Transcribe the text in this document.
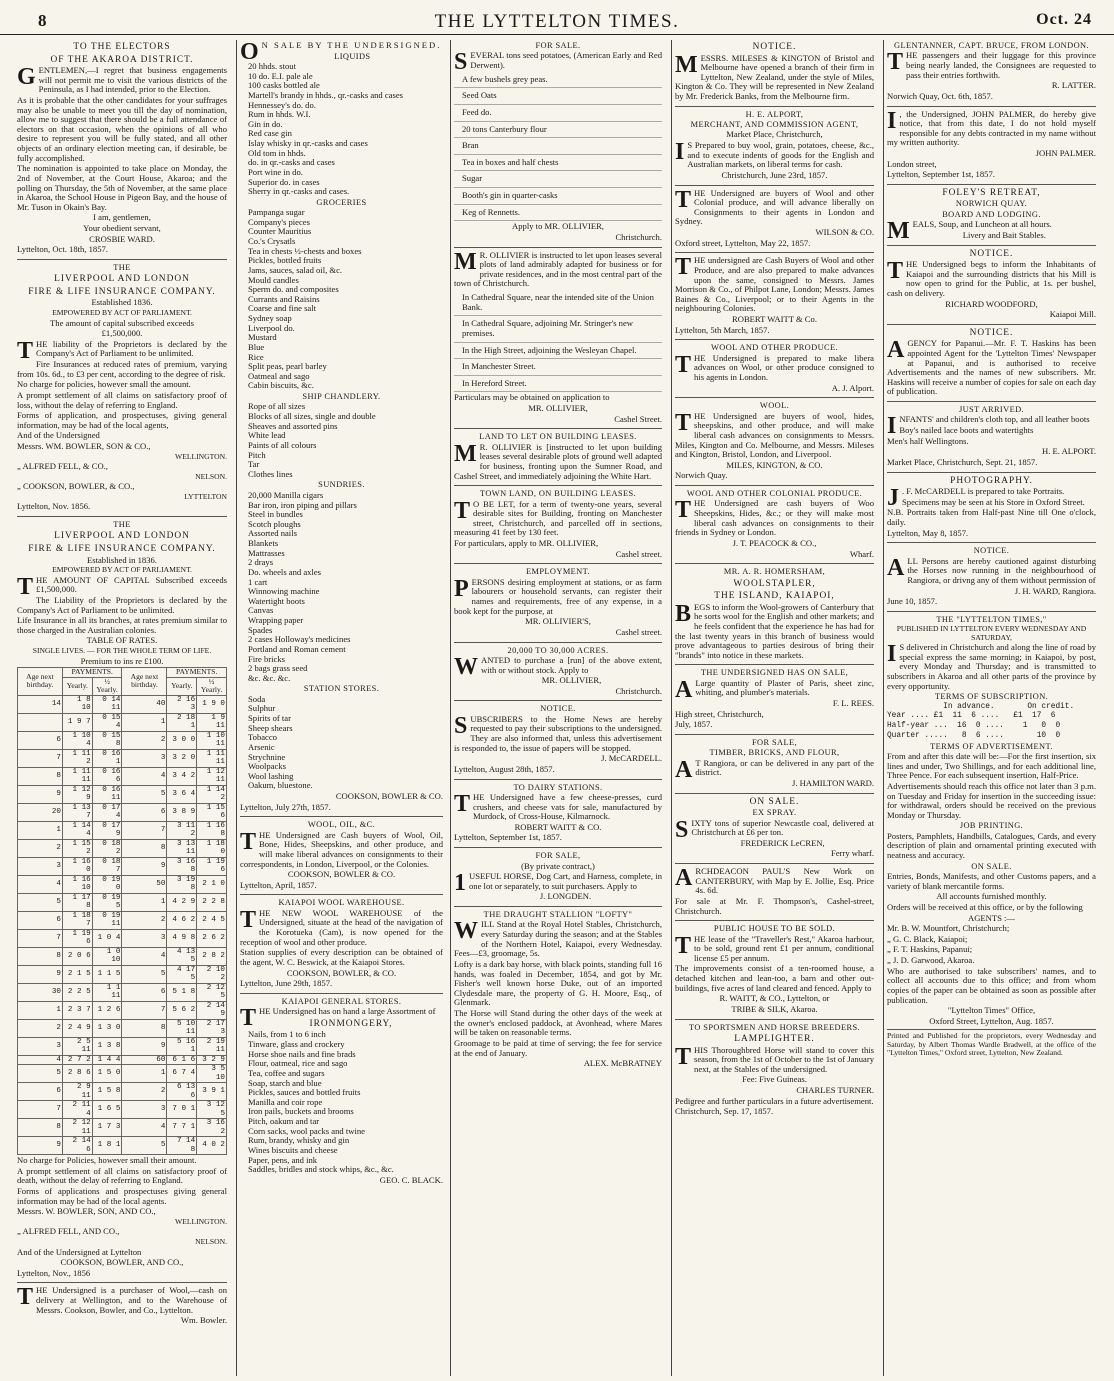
8	THE LYTTELTON TIMES.	Oct. 24
TO THE ELECTORS
OF THE AKAROA DISTRICT.

GENTLEMEN,—I regret that business engagements will not permit me to visit the various districts of the Peninsula, as I had intended, prior to the Election.

As it is probable that the other candidates for your suffrages may also be unable to meet you till the day of nomination, allow me to suggest that there should be a full attendance of electors on that occasion, when the opinions of all who desire to represent you will be fully stated, and all other objects of an ordinary election meeting can, if desirable, be fully accomplished.

The nomination is appointed to take place on Monday, the 2nd of November, at the Court House, Akaroa; and the polling on Thursday, the 5th of November, at the same place in Akaroa, the School House in Pigeon Bay, and the house of Mr. Tuson in Okain's Bay.

I am, gentlemen,

Your obedient servant,

CROSBIE WARD.

Lyttelton, Oct. 18th, 1857.

THE
LIVERPOOL AND LONDON
FIRE & LIFE INSURANCE COMPANY.

Established 1836.

EMPOWERED BY ACT OF PARLIAMENT.

The amount of capital subscribed exceeds

£1,500,000.

THE liability of the Proprietors is declared by the Company's Act of Parliament to be unlimited.

Fire Insurances at reduced rates of premium, varying from 10s. 6d., to £3 per cent, according to the degree of risk.

No charge for policies, however small the amount.

A prompt settlement of all claims on satisfactory proof of loss, without the delay of referring to England.

Forms of application, and prospectuses, giving general information, may be had of the local agents,

And of the Undersigned

Messrs. WM. BOWLER, SON & CO.,

WELLINGTON.

„ ALFRED FELL, & CO.,

NELSON.

„ COOKSON, BOWLER, & CO.,

LYTTELTON

Lyttelton, Nov. 1856.

THE
LIVERPOOL AND LONDON
FIRE & LIFE INSURANCE COMPANY.

Established in 1836.

EMPOWERED BY ACT OF PARLIAMENT.

THE AMOUNT OF CAPITAL Subscribed exceeds £1,500,000.

The Liability of the Proprietors is declared by the Company's Act of Parliament to be unlimited.

Life Insurance in all its branches, at rates premium similar to those charged in the Australian colonies.

TABLE OF RATES.

SINGLE LIVES. — FOR THE WHOLE TERM OF LIFE.

Premium to ins re £100.

Age next birthday.	PAYMENTS.		Age next birthday.	PAYMENTS.	
	Yearly.	½ Yearly.		Yearly.	½ Yearly.
14	1 8 10	0 14 11	40	2 16 3	1 9 0
	1 9 7	0 15 4	1	2 18 1	1 9 11
6	1 10 4	0 15 8	2	3 0 0	1 10 11
7	1 11 2	0 16 1	3	3 2 0	1 11 11
8	1 11 11	0 16 6	4	3 4 2	1 12 11
9	1 12 9	0 16 11	5	3 6 4	1 14 2
20	1 13 7	0 17 4	6	3 8 9	1 15 6
1	1 14 4	0 17 9	7	3 11 2	1 16 8
2	1 15 2	0 18 2	8	3 13 11	1 18 0
3	1 16 0	0 18 7	9	3 16 8	1 19 6
4	1 16 10	0 19 0	50	3 19 8	2 1 0
5	1 17 8	0 19 5	1	4 2 9	2 2 8
6	1 18 7	0 19 11	2	4 6 2	2 4 5
7	1 19 6	1 0 4	3	4 9 8	2 6 2
8	2 0 6	1 0 10	4	4 13 5	2 8 2
9	2 1 5	1 1 5	5	4 17 5	2 10 2
30	2 2 5	1 1 11	6	5 1 8	2 12 5
1	2 3 7	1 2 6	7	5 6 2	2 14 9
2	2 4 9	1 3 0	8	5 10 11	2 17 3
3	2 5 11	1 3 8	9	5 16 1	2 19 11
4	2 7 2	1 4 4	60	6 1 6	3 2 9
5	2 8 6	1 5 0	1	6 7 4	3 5 10
6	2 9 11	1 5 8	2	6 13 6	3 9 1
7	2 11 4	1 6 5	3	7 0 1	3 12 5
8	2 12 11	1 7 3	4	7 7 1	3 16 2
9	2 14 6	1 8 1	5	7 14 8	4 0 2

No charge for Policies, however small their amount.

A prompt settlement of all claims on satisfactory proof of death, without the delay of referring to England.

Forms of applications and prospectuses giving general information may be had of the local agents.

Messrs. W. BOWLER, SON, AND CO.,

WELLINGTON.

„ ALFRED FELL, AND CO.,

NELSON.

And of the Undersigned at Lyttelton

COOKSON, BOWLER, AND CO.,

Lyttelton, Nov., 1856

THE Undersigned is a purchaser of Wool,—cash on delivery at Wellington, and to the Warehouse of Messrs. Cookson, Bowler, and Co., Lyttelton.

Wm. Bowler.

O N SALE BY THE UNDERSIGNED.

LIQUIDS
20 hhds. stout
10 do. E.I. pale ale
100 casks bottled ale
Martell's brandy in hhds., qr.-casks and cases
Hennessey's do. do.
Rum in hhds. W.I.
Gin in do.
Red case gin
Islay whisky in qr.-casks and cases
Old tom in hhds.
do. in qr.-casks and cases
Port wine in do.
Superior do. in cases
Sherry in qr.-casks and cases.
GROCERIES
Pampanga sugar
Company's pieces
Counter Mauritius
Co.'s Crysatls
Tea in chests ½-chests and boxes
Pickles, bottled fruits
Jams, sauces, salad oil, &c.
Mould candles
Sperm do. and composites
Currants and Raisins
Coarse and fine salt
Sydney soap
Liverpool do.
Mustard
Blue
Rice
Split peas, pearl barley
Oatmeal and sago
Cabin biscuits, &c.
SHIP CHANDLERY.
Rope of all sizes
Blocks of all sizes, single and double
Sheaves and assorted pins
White lead
Paints of all colours
Pitch
Tar
Clothes lines
SUNDRIES.
20,000 Manilla cigars
Bar iron, iron piping and pillars
Steel in bundles
Scotch ploughs
Assorted nails
Blankets
Mattrasses
2 drays
Do. wheels and axles
1 cart
Winnowing machine
Watertight boots
Canvas
Wrapping paper
Spades
2 cases Holloway's medicines
Portland and Roman cement
Fire bricks
2 bags grass seed
&c. &c. &c.
STATION STORES.
Soda
Sulphur
Spirits of tar
Sheep shears
Tobacco
Arsenic
Strychnine
Woolpacks
Wool lashing
Oakum, bluestone.

COOKSON, BOWLER & CO.

Lyttelton, July 27th, 1857.

WOOL, OIL, &C.

THE Undersigned are Cash buyers of Wool, Oil, Bone, Hides, Sheepskins, and other produce, and will make liberal advances on consignments to their correspondents, in London, Liverpool, or the Colonies.

COOKSON, BOWLER & CO.

Lyttelton, April, 1857.

KAIAPOI WOOL WAREHOUSE.

THE NEW WOOL WAREHOUSE of the Undersigned, situate at the head of the navigation of the Korotueka (Cam), is now opened for the reception of wool and other produce.

Station supplies of every description can be obtained of the agent, W. C. Beswick, at the Kaiapoi Stores.

COOKSON, BOWLER, & CO.

Lyttelton, June 29th, 1857.

KAIAPOI GENERAL STORES.

THE Undersigned has on hand a large Assortment of

IRONMONGERY,
Nails, from 1 to 6 inch
Tinware, glass and crockery
Horse shoe nails and fine brads
Flour, oatmeal, rice and sago
Tea, coffee and sugars
Soap, starch and blue
Pickles, sauces and bottled fruits
Manilla and coir rope
Iron pails, buckets and brooms
Pitch, oakum and tar
Corn sacks, wool packs and twine
Rum, brandy, whisky and gin
Wines biscuits and cheese
Paper, pens, and ink
Saddles, bridles and stock whips, &c., &c.

GEO. C. BLACK.

FOR SALE.

SEVERAL tons seed potatoes, (American Early and Red Derwent).

A few bushels grey peas.
Seed Oats
Feed do.
20 tons Canterbury flour
Bran
Tea in boxes and half chests
Sugar
Booth's gin in quarter-casks
Keg of Rennetts.

Apply to MR. OLLIVIER,

Christchurch.

M R. OLLIVIER is instructed to let upon leases several plots of land admirably adapted for business or for private residences, and in the most central part of the town of Christchurch.

In Cathedral Square, near the intended site of the Union Bank.
In Cathedral Square, adjoining Mr. Stringer's new premises.
In the High Street, adjoining the Wesleyan Chapel.
In Manchester Street.
In Hereford Street.

Particulars may be obtained on application to

MR. OLLIVIER,

Cashel Street.

LAND TO LET ON BUILDING LEASES.

M R. OLLIVIER is [instructed to let upon building leases several desirable plots of ground well adapted for business, fronting upon the Sumner Road, and Cashel Street, and immediately adjoining the White Hart.

TOWN LAND, ON BUILDING LEASES.

T O BE LET, for a term of twenty-one years, several desirable sites for Building, fronting on Manchester street, Christchurch, and parcelled off in sections, measuring 41 feet by 130 feet.

For particulars, apply to MR. OLLIVIER,

Cashel street.

EMPLOYMENT.

PERSONS desiring employment at stations, or as farm labourers or household servants, can register their names and requirements, free of any expense, in a book kept for the purpose, at

MR. OLLIVIER'S,

Cashel street.

20,000 TO 30,000 ACRES.

WANTED to purchase a [run] of the above extent, with or without stock. Apply to

MR. OLLIVIER,

Christchurch.

NOTICE.

SUBSCRIBERS to the Home News are hereby requested to pay their subscriptions to the undersigned. They are also informed that, unless this advertisement is responded to, the issue of papers will be stopped.

J. McCARDELL.

Lyttelton, August 28th, 1857.

TO DAIRY STATIONS.

THE Undersigned have a few cheese-presses, curd crushers, and cheese vats for sale, manufactured by Murdock, of Cross-House, Kilmarnock.

ROBERT WAITT & CO.

Lyttelton, September 1st, 1857.

FOR SALE,

(By private contract,)

1 USEFUL HORSE, Dog Cart, and Harness, complete, in one lot or separately, to suit purchasers. Apply to

J. LONGDEN.

THE DRAUGHT STALLION "LOFTY"

WILL Stand at the Royal Hotel Stables, Christchurch, every Saturday during the season; and at the Stables of the Northern Hotel, Kaiapoi, every Wednesday. Fees—£3, groomage, 5s.

Lofty is a dark bay horse, with black points, standing full 16 hands, was foaled in December, 1854, and got by Mr. Fisher's well known horse Duke, out of an imported Clydesdale mare, the property of G. H. Moore, Esq., of Glenmark.

The Horse will Stand during the other days of the week at the owner's enclosed paddock, at Avonhead, where Mares will be taken on reasonable terms.

Groomage to be paid at time of serving; the fee for service at the end of January.

ALEX. McBRATNEY

NOTICE.

MESSRS. MILESES & KINGTON of Bristol and Melbourne have opened a branch of their firm in Lyttelton, New Zealand, under the style of Miles, Kington & Co. They will be represented in New Zealand by Mr. Frederick Banks, from the Melbourne firm.

H. E. ALPORT,
MERCHANT, AND COMMISSION AGENT,

Market Place, Christchurch,

I S Prepared to buy wool, grain, potatoes, cheese, &c., and to execute indents of goods for the English and Australian markets, on liberal terms for cash.

Christchurch, June 23rd, 1857.

THE Undersigned are buyers of Wool and other Colonial produce, and will advance liberally on Consignments to their agents in London and Sydney.

WILSON & CO.

Oxford street, Lyttelton, May 22, 1857.

THE undersigned are Cash Buyers of Wool and other Produce, and are also prepared to make advances upon the same, consigned to Messrs. James Morrison & Co., of Philpot Lane, London; Messrs. James Baines & Co., Liverpool; or to their Agents in the neighbouring Colonies.

ROBERT WAITT & Co.

Lyttelton, 5th March, 1857.

WOOL AND OTHER PRODUCE.

THE Undersigned is prepared to make libera advances on Wool, or other produce consigned to his agents in London.

A. J. Alport.

WOOL.

THE Undersigned are buyers of wool, hides, sheepskins, and other produce, and will make liberal cash advances on consignments to Messrs. Miles, Kington and Co. Melbourne, and Messrs. Mileses and Kington, Bristol, London, and Liverpool.

MILES, KINGTON, & CO.

Norwich Quay.

WOOL AND OTHER COLONIAL PRODUCE.

THE Undersigned are cash buyers of Woo Sheepskins, Hides, &c.; or they will make most liberal cash advances on consignments to their friends in Sydney or London.

J. T. PEACOCK & CO.,

Wharf.

MR. A. R. HOMERSHAM,
WOOLSTAPLER,
THE ISLAND, KAIAPOI,

BEGS to inform the Wool-growers of Canterbury that he sorts wool for the English and other markets; and he feels confident that the experience he has had for the last twenty years in this branch of business would prove advantageous to parties desirous of bring their "brands" into notice in these markets.

THE UNDERSIGNED HAS ON SALE,

A Large quantity of Plaster of Paris, sheet zinc, whiting, and plumber's materials.

F. L. REES.

High street, Christchurch,

July, 1857.

FOR SALE,
TIMBER, BRICKS, AND FLOUR,

A T Rangiora, or can be delivered in any part of the district.

J. HAMILTON WARD.

ON SALE.
EX SPRAY.

SIXTY tons of superior Newcastle coal, delivered at Christchurch at £6 per ton.

FREDERICK LeCREN,

Ferry wharf.

ARCHDEACON PAUL'S New Work on CANTERBURY, with Map by E. Jollie, Esq. Price 4s. 6d.

For sale at Mr. F. Thompson's, Cashel-street, Christchurch.

PUBLIC HOUSE TO BE SOLD.

THE lease of the "Traveller's Rest," Akaroa harbour, to be sold, ground rent £1 per annum, conditional license £5 per annum.

The improvements consist of a ten-roomed house, a detached kitchen and lean-too, a barn and other out-buildings, five acres of land cleared and fenced. Apply to

R. WAITT, & CO., Lyttelton, or

TRIBE & SILK, Akaroa.

TO SPORTSMEN AND HORSE BREEDERS.
LAMPLIGHTER.

THIS Thoroughbred Horse will stand to cover this season, from the 1st of October to the 1st of January next, at the Stables of the undersigned.

Fee: Five Guineas.

CHARLES TURNER.

Pedigree and further particulars in a future advertisement.

Christchurch, Sep. 17, 1857.

GLENTANNER, CAPT. BRUCE, FROM LONDON.

THE passengers and their luggage for this province being nearly landed, the Consignees are requested to pass their entries forthwith.

R. LATTER.

Norwich Quay, Oct. 6th, 1857.

I , the Undersigned, JOHN PALMER, do hereby give notice, that from this date, I do not hold myself responsible for any debts contracted in my name without my written authority.

JOHN PALMER.

London street,

Lyttelton, September 1st, 1857.

FOLEY'S RETREAT,
NORWICH QUAY.
BOARD AND LODGING.

MEALS, Soup, and Luncheon at all hours.

Livery and Bait Stables.

NOTICE.

THE Undersigned begs to inform the Inhabitants of Kaiapoi and the surrounding districts that his Mill is now open to grind for the Public, at 1s. per bushel, cash on delivery.

RICHARD WOODFORD,

Kaiapoi Mill.

NOTICE.

AGENCY for Papanui.—Mr. F. T. Haskins has been appointed Agent for the 'Lyttelton Times' Newspaper at Papanui, and is authorised to receive Advertisements and the names of new subscribers. Mr. Haskins will receive a number of copies for sale on each day of publication.

JUST ARRIVED.

INFANTS' and children's cloth top, and all leather boots

Boy's nailed lace boots and watertights

Men's half Wellingtons.

H. E. ALPORT.

Market Place, Christchurch, Sept. 21, 1857.

PHOTOGRAPHY.

J . F. McCARDELL is prepared to take Portraits.

Specimens may be seen at his Store in Oxford Street.

N.B. Portraits taken from Half-past Nine till One o'clock, daily.

Lyttelton, May 8, 1857.

NOTICE.

ALL Persons are hereby cautioned against disturbing the Horses now running in the neighbourhood of Rangiora, or drivng any of them without permission of

J. H. WARD, Rangiora.

June 10, 1857.

THE "LYTTELTON TIMES,"

PUBLISHED IN LYTTELTON EVERY WEDNESDAY AND SATURDAY,

I S delivered in Christchurch and along the line of road by special express the same morning; in Kaiapoi, by post, every Monday and Thursday; and is transmitted to subscribers in Akaroa and all other parts of the province by every opportunity.

TERMS OF SUBSCRIPTION.
In advance.       On credit.
Year .... £1  11  6 ....   £1  17  6
Half-year ...  16  0 ....    1   0  0
Quarter .....   8  6 ....       10  0
TERMS OF ADVERTISEMENT.

From and after this date will be:—For the first insertion, six lines and under, Two Shillings, and for each additional line, Three Pence. For each subsequent insertion, Half-Price.

Advertisements should reach this office not later than 3 p.m. on Tuesday and Friday for insertion in the succeeding issue: for withdrawal, orders should be received on the previous Monday or Thursday.

JOB PRINTING.

Posters, Pamphlets, Handbills, Catalogues, Cards, and every description of plain and ornamental printing executed with neatness and accuracy.

ON SALE.

Entries, Bonds, Manifests, and other Customs papers, and a variety of blank mercantile forms.

All accounts furnished monthly.

Orders will be received at this office, or by the following

AGENTS :—

Mr. B. W. Mountfort, Christchurch;

„ G. C. Black, Kaiapoi;

„ F. T. Haskins, Papanui;

„ J. D. Garwood, Akaroa.

Who are authorised to take subscribers' names, and to collect all accounts due to this office; and from whom copies of the paper can be obtained as soon as possible after publication.

"Lyttelton Times" Office,

Oxford Street, Lyttelton, Aug. 1857.

Printed and Published for the proprietors, every Wednesday and Saturday, by Albert Thomas Wardle Bradwell, at the office of the "Lyttelton Times," Oxford street, Lyttelton, New Zealand.
